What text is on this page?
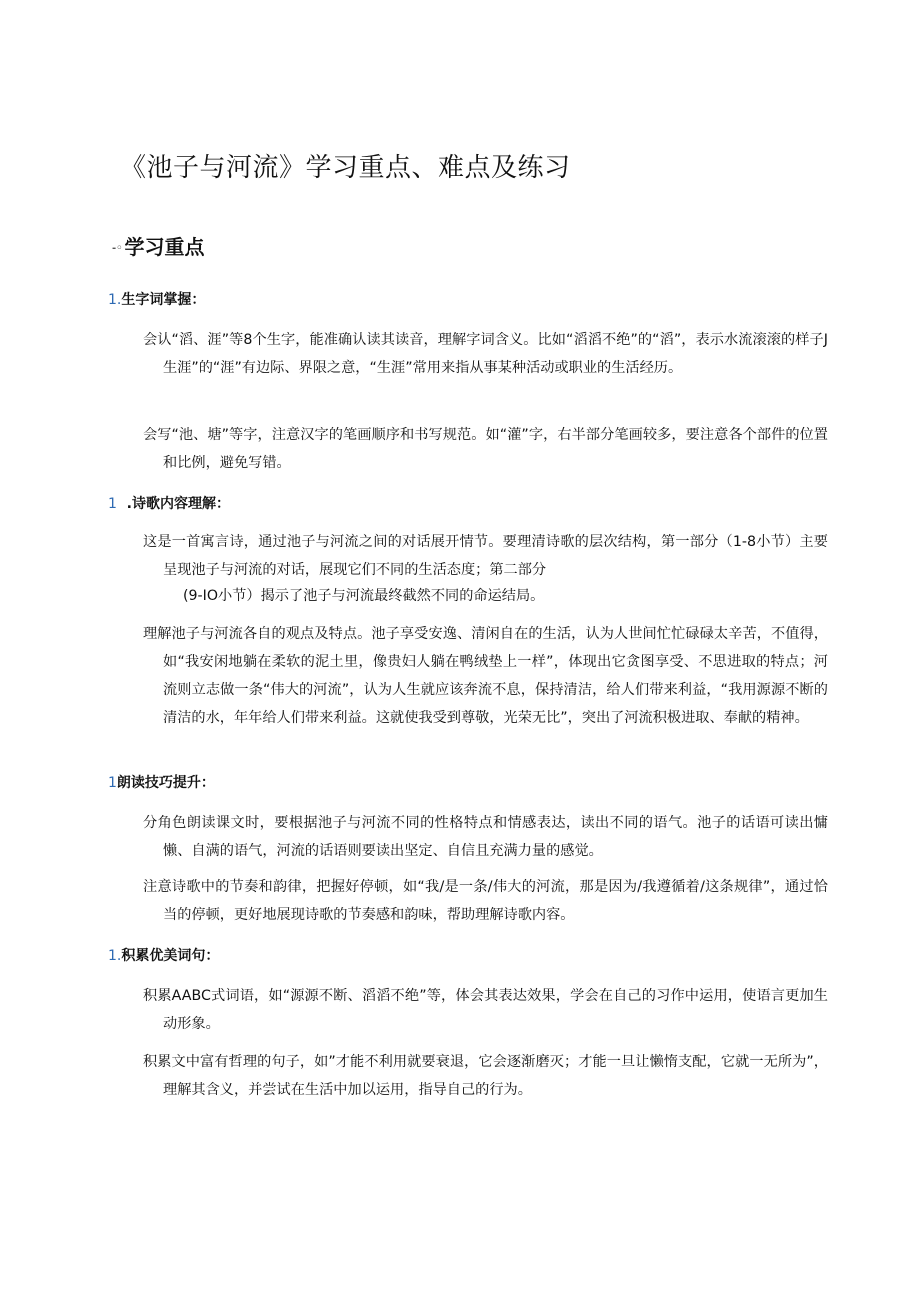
《池子与河流》学习重点、难点及练习
-◦ 学习重点
1.生字词掌握：

会认“滔、涯”等8个生字，能准确认读其读音，理解字词含义。比如“滔滔不绝”的“滔”，表示水流滚滚的样子J生涯”的“涯”有边际、界限之意，“生涯”常用来指从事某种活动或职业的生活经历。

会写“池、塘”等字，注意汉字的笔画顺序和书写规范。如“灌”字，右半部分笔画较多，要注意各个部件的位置和比例，避免写错。

1 .诗歌内容理解：

这是一首寓言诗，通过池子与河流之间的对话展开情节。要理清诗歌的层次结构，第一部分（1-8小节）主要呈现池子与河流的对话，展现它们不同的生活态度；第二部分

(9-IO小节）揭示了池子与河流最终截然不同的命运结局。

理解池子与河流各自的观点及特点。池子享受安逸、清闲自在的生活，认为人世间忙忙碌碌太辛苦，不值得，如“我安闲地躺在柔软的泥土里，像贵妇人躺在鸭绒垫上一样”，体现出它贪图享受、不思进取的特点；河流则立志做一条“伟大的河流”，认为人生就应该奔流不息，保持清洁，给人们带来利益，“我用源源不断的清洁的水，年年给人们带来利益。这就使我受到尊敬，光荣无比”，突出了河流积极进取、奉献的精神。

1朗读技巧提升：

分角色朗读课文时，要根据池子与河流不同的性格特点和情感表达，读出不同的语气。池子的话语可读出慵懒、自满的语气，河流的话语则要读出坚定、自信且充满力量的感觉。

注意诗歌中的节奏和韵律，把握好停顿，如“我/是一条/伟大的河流，那是因为/我遵循着/这条规律”，通过恰当的停顿，更好地展现诗歌的节奏感和韵味，帮助理解诗歌内容。

1.积累优美词句：

积累AABC式词语，如“源源不断、滔滔不绝”等，体会其表达效果，学会在自己的习作中运用，使语言更加生动形象。

积累文中富有哲理的句子，如”才能不利用就要衰退，它会逐渐磨灭；才能一旦让懒惰支配，它就一无所为”，理解其含义，并尝试在生活中加以运用，指导自己的行为。
